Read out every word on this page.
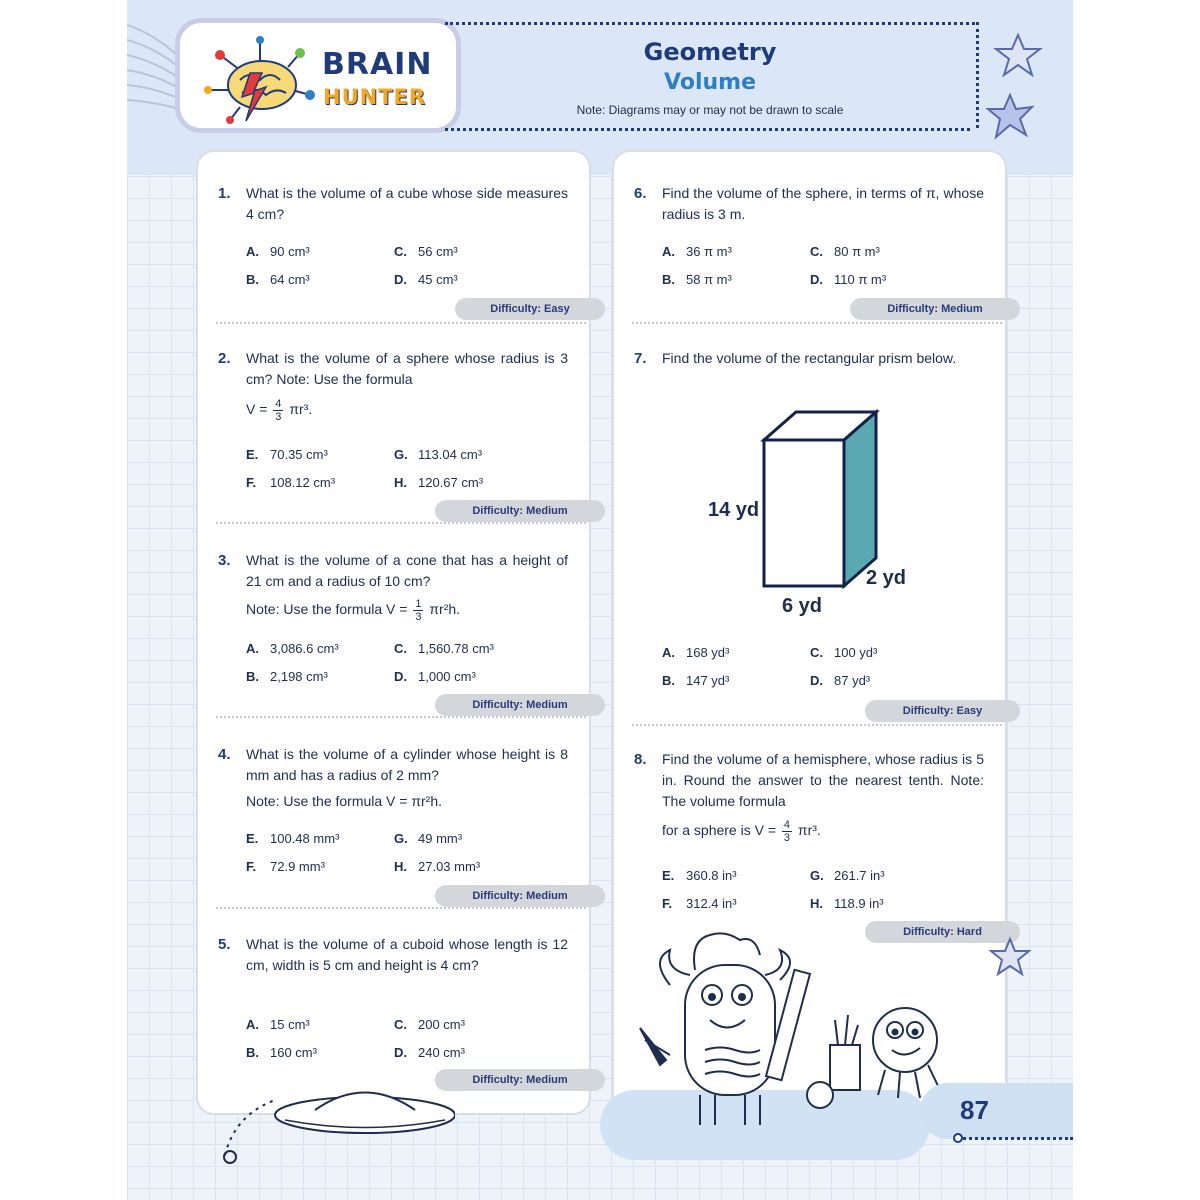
BRAIN
HUNTER
Geometry
Volume
Note: Diagrams may or may not be drawn to scale
1. What is the volume of a cube whose side measures 4 cm?
A. 90 cm³	C. 56 cm³
B. 64 cm³	D. 45 cm³
Difficulty: Easy
2. What is the volume of a sphere whose radius is 3 cm? Note: Use the formula
$V = \frac{4}{3} \pi r^3$.
E. 70.35 cm³	G. 113.04 cm³
F. 108.12 cm³	H. 120.67 cm³
Difficulty: Medium
3. What is the volume of a cone that has a height of 21 cm and a radius of 10 cm?
Note: Use the formula $V = \frac{1}{3} \pi r^2h$.
A. 3,086.6 cm³	C. 1,560.78 cm³
B. 2,198 cm³	D. 1,000 cm³
Difficulty: Medium
4. What is the volume of a cylinder whose height is 8 mm and has a radius of 2 mm?
Note: Use the formula V = πr²h.
E. 100.48 mm³	G. 49 mm³
F. 72.9 mm³	H. 27.03 mm³
Difficulty: Medium
5. What is the volume of a cuboid whose length is 12 cm, width is 5 cm and height is 4 cm?
A. 15 cm³	C. 200 cm³
B. 160 cm³	D. 240 cm³
Difficulty: Medium
6. Find the volume of the sphere, in terms of π, whose radius is 3 m.
A. 36 π m³	C. 80 π m³
B. 58 π m³	D. 110 π m³
Difficulty: Medium
7. Find the volume of the rectangular prism below.
14 yd
6 yd
2 yd
A. 168 yd³	C. 100 yd³
B. 147 yd³	D. 87 yd³
Difficulty: Easy
8. Find the volume of a hemisphere, whose radius is 5 in. Round the answer to the nearest tenth. Note: The volume formula
for a sphere is $V = \frac{4}{3} \pi r^3$.
E. 360.8 in³	G. 261.7 in³
F. 312.4 in³	H. 118.9 in³
Difficulty: Hard
87
